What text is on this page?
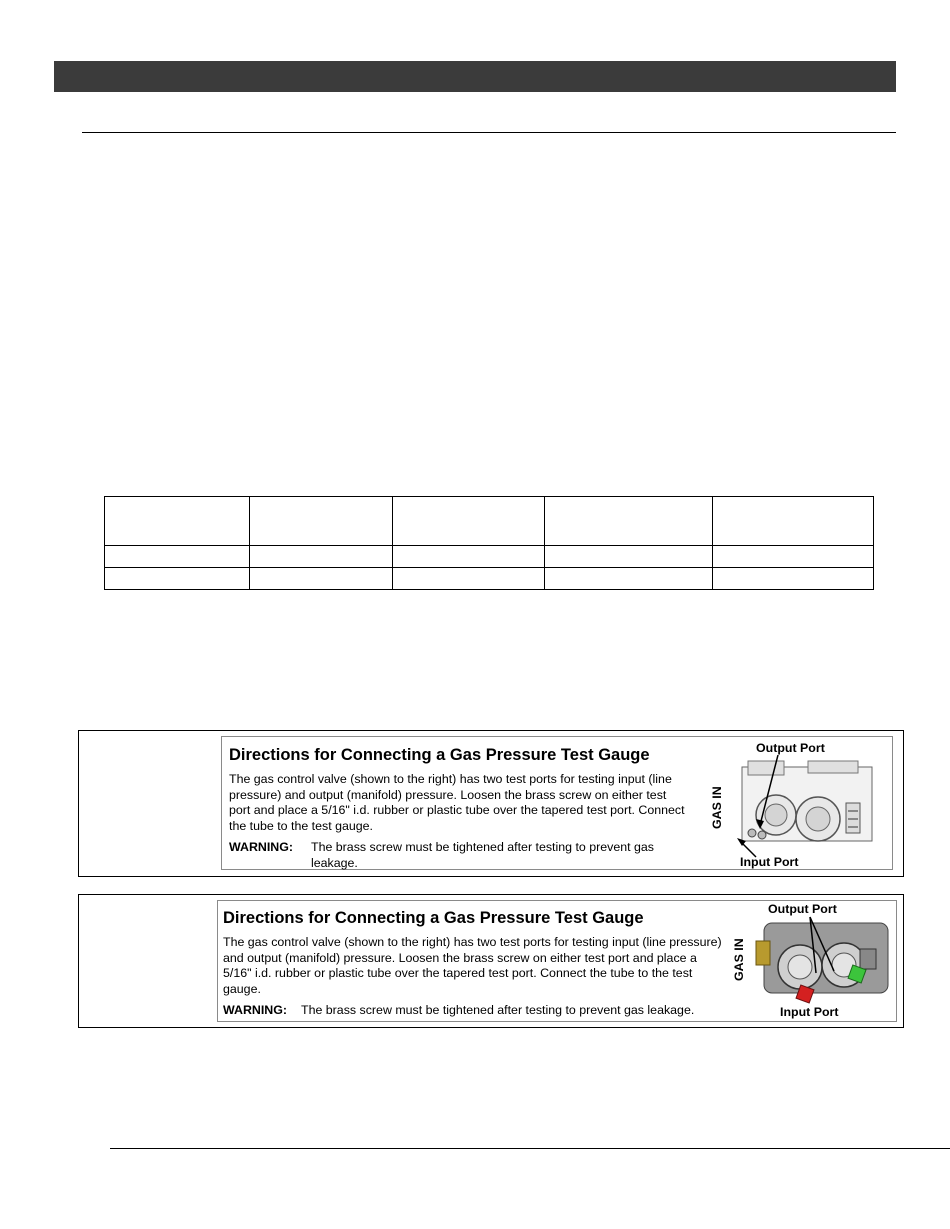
Directions for Connecting a Gas Pressure Test Gauge
The gas control valve (shown to the right) has two test ports for testing input (line pressure) and output (manifold) pressure. Loosen the brass screw on either test port and place a 5/16" i.d. rubber or plastic tube over the tapered test port. Connect the tube to the test gauge.
WARNING: The brass screw must be tightened after testing to prevent gas leakage.
Output Port
GAS IN
Input Port
Directions for Connecting a Gas Pressure Test Gauge
The gas control valve (shown to the right) has two test ports for testing input (line pressure) and output (manifold) pressure. Loosen the brass screw on either test port and place a 5/16" i.d. rubber or plastic tube over the tapered test port. Connect the tube to the test gauge.
WARNING: The brass screw must be tightened after testing to prevent gas leakage.
Output Port
GAS IN
Input Port
